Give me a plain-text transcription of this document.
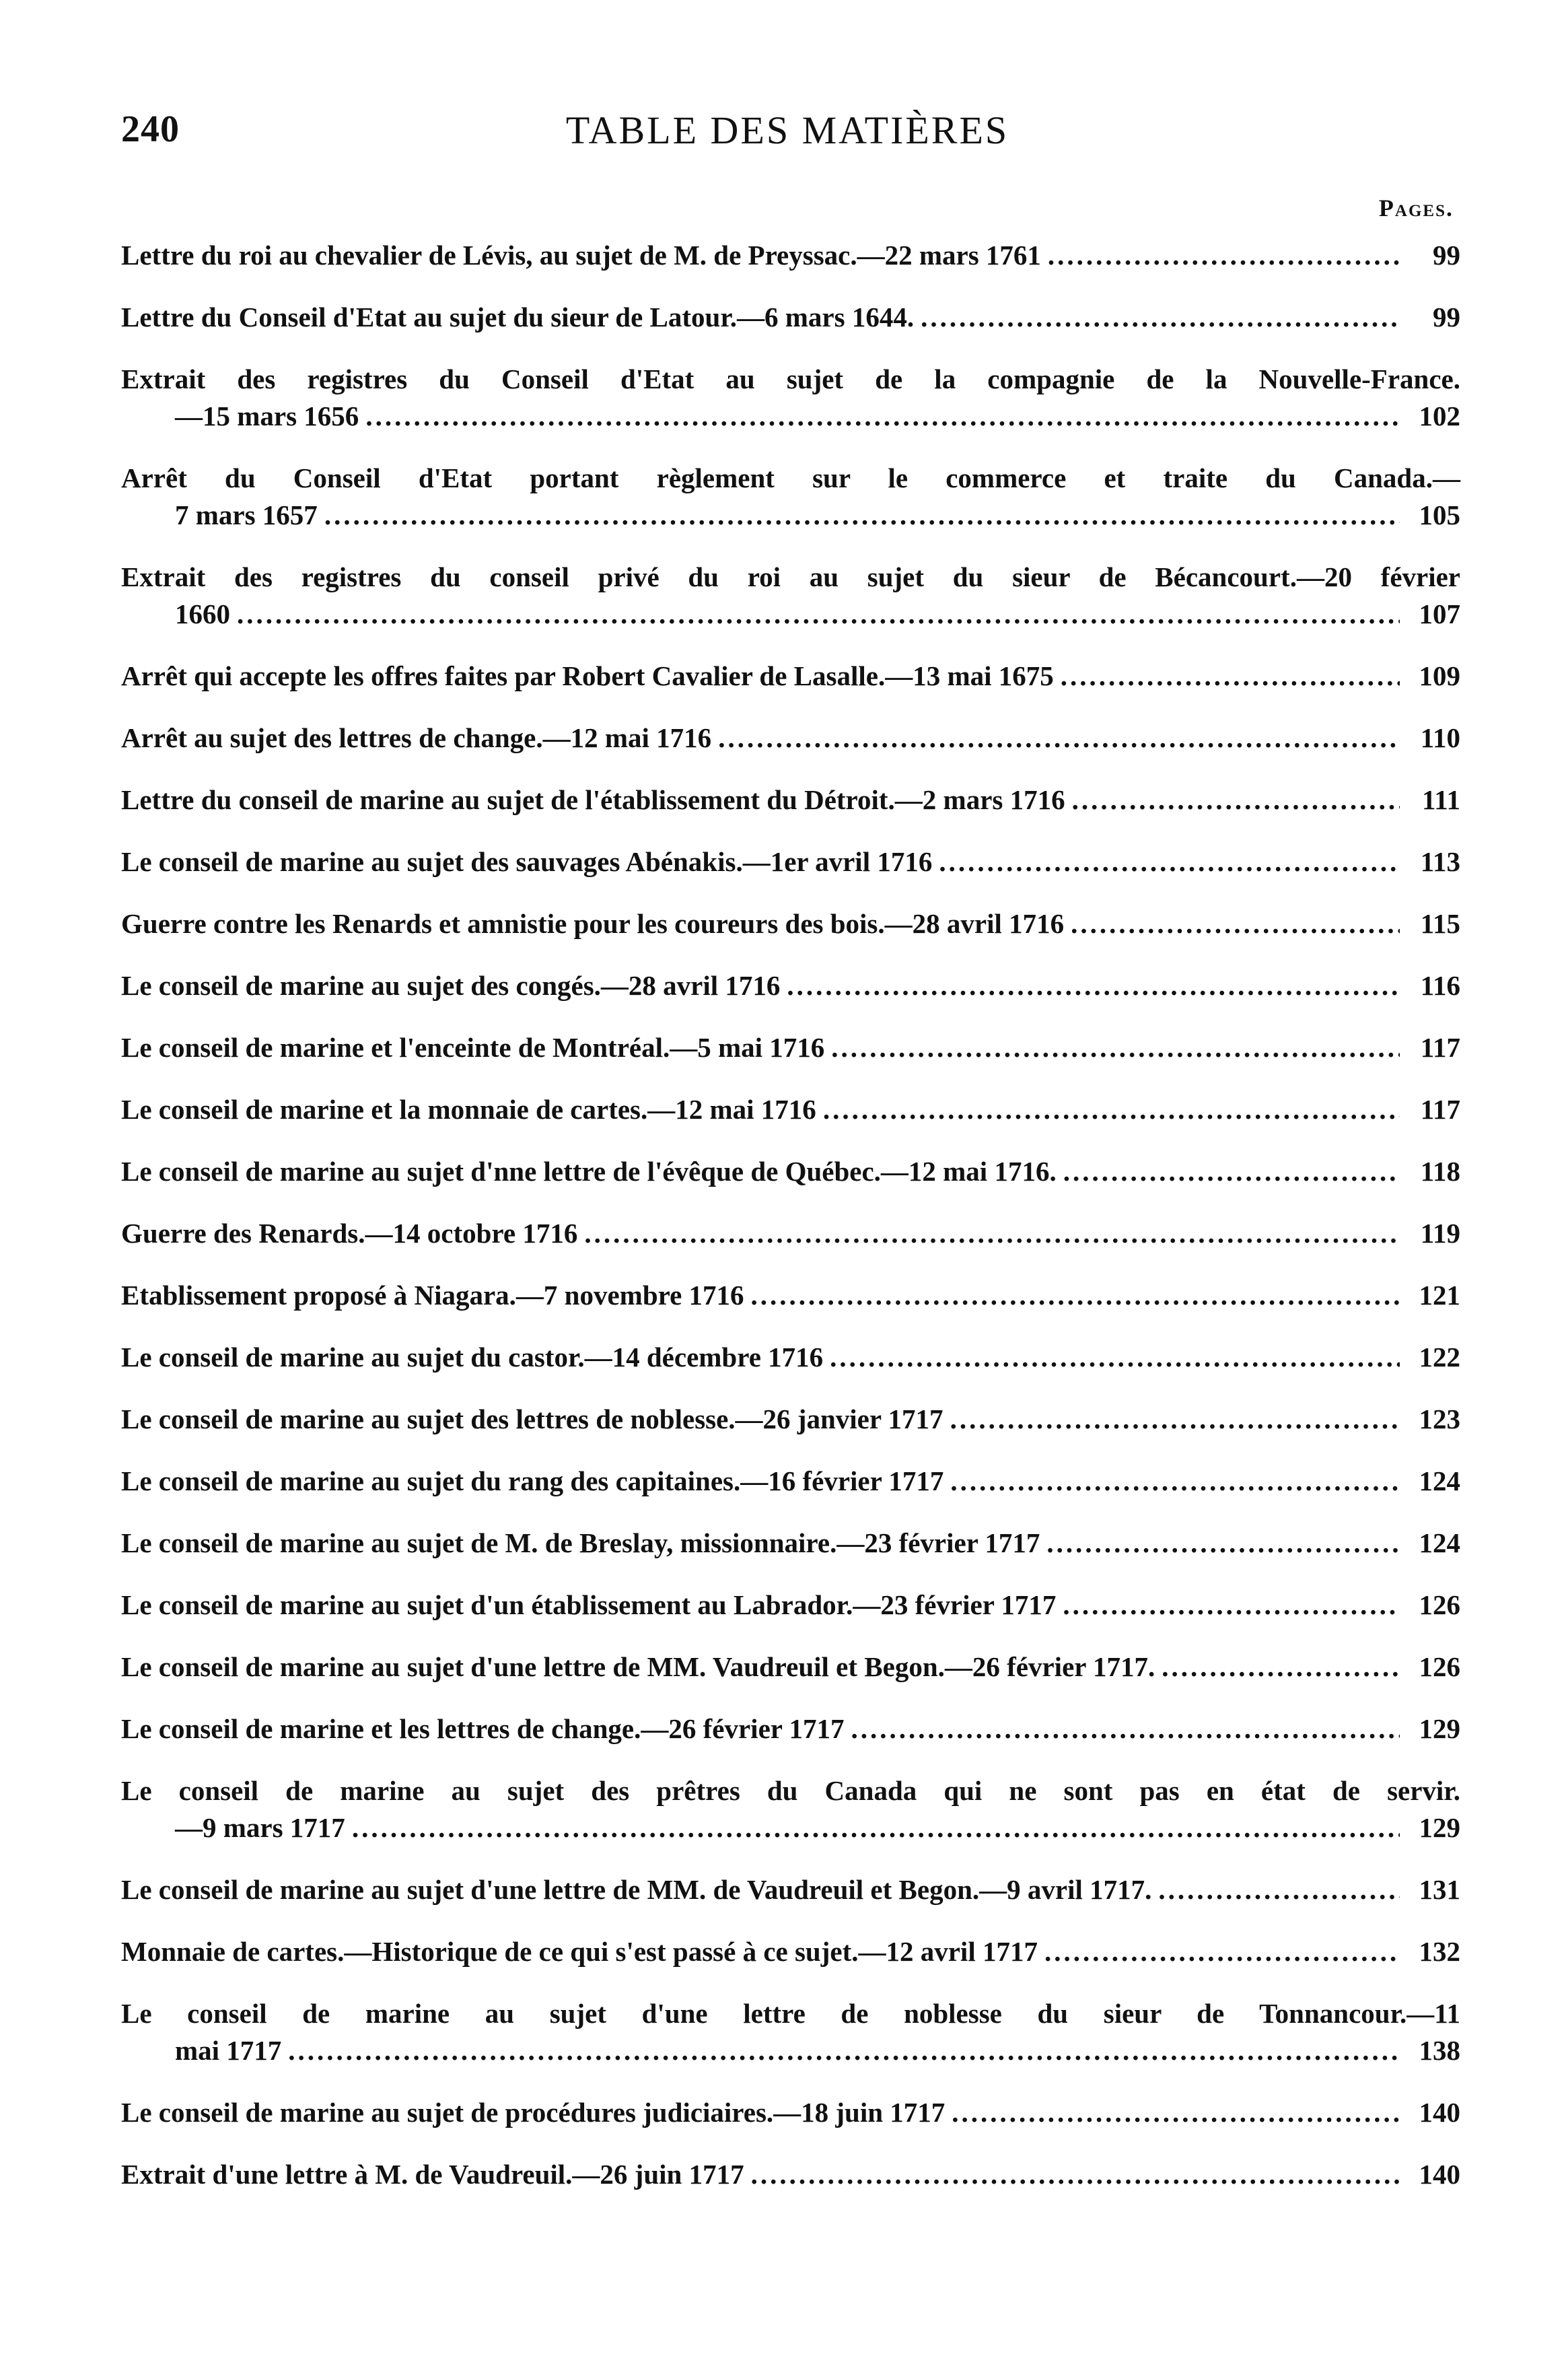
240	TABLE DES MATIÈRES
Pages.
Lettre du roi au chevalier de Lévis, au sujet de M. de Preyssac.—22 mars 1761 .....	99
Lettre du Conseil d'Etat au sujet du sieur de Latour.—6 mars 1644. .....	99
Extrait des registres du Conseil d'Etat au sujet de la compagnie de la Nouvelle-France.
—15 mars 1656 .....	102
Arrêt du Conseil d'Etat portant règlement sur le commerce et traite du Canada.—
7 mars 1657 .....	105
Extrait des registres du conseil privé du roi au sujet du sieur de Bécancourt.—20 février
1660 .....	107
Arrêt qui accepte les offres faites par Robert Cavalier de Lasalle.—13 mai 1675 .....	109
Arrêt au sujet des lettres de change.—12 mai 1716 .....	110
Lettre du conseil de marine au sujet de l'établissement du Détroit.—2 mars 1716 .....	111
Le conseil de marine au sujet des sauvages Abénakis.—1er avril 1716 .....	113
Guerre contre les Renards et amnistie pour les coureurs des bois.—28 avril 1716 .....	115
Le conseil de marine au sujet des congés.—28 avril 1716 .....	116
Le conseil de marine et l'enceinte de Montréal.—5 mai 1716 .....	117
Le conseil de marine et la monnaie de cartes.—12 mai 1716 .....	117
Le conseil de marine au sujet d'nne lettre de l'évêque de Québec.—12 mai 1716. .....	118
Guerre des Renards.—14 octobre 1716 .....	119
Etablissement proposé à Niagara.—7 novembre 1716 .....	121
Le conseil de marine au sujet du castor.—14 décembre 1716 .....	122
Le conseil de marine au sujet des lettres de noblesse.—26 janvier 1717 .....	123
Le conseil de marine au sujet du rang des capitaines.—16 février 1717 .....	124
Le conseil de marine au sujet de M. de Breslay, missionnaire.—23 février 1717 .....	124
Le conseil de marine au sujet d'un établissement au Labrador.—23 février 1717 .....	126
Le conseil de marine au sujet d'une lettre de MM. Vaudreuil et Begon.—26 février 1717. .....	126
Le conseil de marine et les lettres de change.—26 février 1717 .....	129
Le conseil de marine au sujet des prêtres du Canada qui ne sont pas en état de servir.
—9 mars 1717 .....	129
Le conseil de marine au sujet d'une lettre de MM. de Vaudreuil et Begon.—9 avril 1717. .....	131
Monnaie de cartes.—Historique de ce qui s'est passé à ce sujet.—12 avril 1717 .....	132
Le conseil de marine au sujet d'une lettre de noblesse du sieur de Tonnancour.—11
mai 1717 .....	138
Le conseil de marine au sujet de procédures judiciaires.—18 juin 1717 .....	140
Extrait d'une lettre à M. de Vaudreuil.—26 juin 1717 .....	140
